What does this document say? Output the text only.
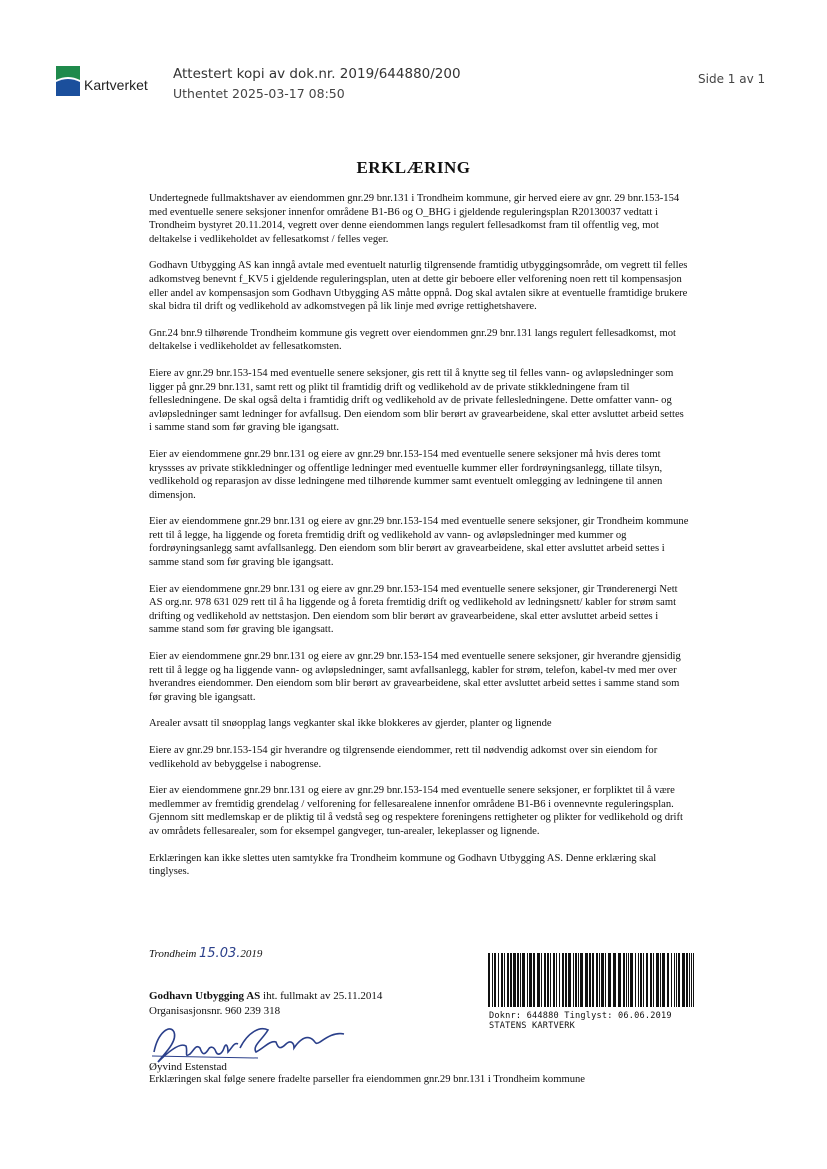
Kartverket
Attestert kopi av dok.nr. 2019/644880/200
Uthentet 2025-03-17 08:50
Side 1 av 1
ERKLÆRING

Undertegnede fullmaktshaver av eiendommen gnr.29 bnr.131 i Trondheim kommune, gir herved eiere av gnr. 29 bnr.153-154 med eventuelle senere seksjoner innenfor områdene B1-B6 og O_BHG i gjeldende reguleringsplan R20130037 vedtatt i Trondheim bystyret 20.11.2014, vegrett over denne eiendommen langs regulert fellesadkomst fram til offentlig veg, mot deltakelse i vedlikeholdet av fellesatkomst / felles veger.

Godhavn Utbygging AS kan inngå avtale med eventuelt naturlig tilgrensende framtidig utbyggingsområde, om vegrett til felles adkomstveg benevnt f_KV5 i gjeldende reguleringsplan, uten at dette gir beboere eller velforening noen rett til kompensasjon eller andel av kompensasjon som Godhavn Utbygging AS måtte oppnå. Dog skal avtalen sikre at eventuelle framtidige brukere skal bidra til drift og vedlikehold av adkomstvegen på lik linje med øvrige rettighetshavere.

Gnr.24 bnr.9 tilhørende Trondheim kommune gis vegrett over eiendommen gnr.29 bnr.131 langs regulert fellesadkomst, mot deltakelse i vedlikeholdet av fellesatkomsten.

Eiere av gnr.29 bnr.153-154 med eventuelle senere seksjoner, gis rett til å knytte seg til felles vann- og avløpsledninger som ligger på gnr.29 bnr.131, samt rett og plikt til framtidig drift og vedlikehold av de private stikkledningene fram til fellesledningene. De skal også delta i framtidig drift og vedlikehold av de private fellesledningene. Dette omfatter vann- og avløpsledninger samt ledninger for avfallsug. Den eiendom som blir berørt av gravearbeidene, skal etter avsluttet arbeid settes i samme stand som før graving ble igangsatt.

Eier av eiendommene gnr.29 bnr.131 og eiere av gnr.29 bnr.153-154 med eventuelle senere seksjoner må hvis deres tomt kryssses av private stikkledninger og offentlige ledninger med eventuelle kummer eller fordrøyningsanlegg, tillate tilsyn, vedlikehold og reparasjon av disse ledningene med tilhørende kummer samt eventuelt omlegging av ledningene til annen dimensjon.

Eier av eiendommene gnr.29 bnr.131 og eiere av gnr.29 bnr.153-154 med eventuelle senere seksjoner, gir Trondheim kommune rett til å legge, ha liggende og foreta fremtidig drift og vedlikehold av vann- og avløpsledninger med kummer og fordrøyningsanlegg samt avfallsanlegg. Den eiendom som blir berørt av gravearbeidene, skal etter avsluttet arbeid settes i samme stand som før graving ble igangsatt.

Eier av eiendommene gnr.29 bnr.131 og eiere av gnr.29 bnr.153-154 med eventuelle senere seksjoner, gir Trønderenergi Nett AS org.nr. 978 631 029 rett til å ha liggende og å foreta fremtidig drift og vedlikehold av ledningsnett/ kabler for strøm samt drifting og vedlikehold av nettstasjon. Den eiendom som blir berørt av gravearbeidene, skal etter avsluttet arbeid settes i samme stand som før graving ble igangsatt.

Eier av eiendommene gnr.29 bnr.131 og eiere av gnr.29 bnr.153-154 med eventuelle senere seksjoner, gir hverandre gjensidig rett til å legge og ha liggende vann- og avløpsledninger, samt avfallsanlegg, kabler for strøm, telefon, kabel-tv med mer over hverandres eiendommer. Den eiendom som blir berørt av gravearbeidene, skal etter avsluttet arbeid settes i samme stand som før graving ble igangsatt.

Arealer avsatt til snøopplag langs vegkanter skal ikke blokkeres av gjerder, planter og lignende

Eiere av gnr.29 bnr.153-154 gir hverandre og tilgrensende eiendommer, rett til nødvendig adkomst over sin eiendom for vedlikehold av bebyggelse i nabogrense.

Eier av eiendommene gnr.29 bnr.131 og eiere av gnr.29 bnr.153-154 med eventuelle senere seksjoner, er forpliktet til å være medlemmer av fremtidig grendelag / velforening for fellesarealene innenfor områdene B1-B6 i ovennevnte reguleringsplan. Gjennom sitt medlemskap er de pliktig til å vedstå seg og respektere foreningens rettigheter og plikter for vedlikehold og drift av områdets fellesarealer, som for eksempel gangveger, tun-arealer, lekeplasser og lignende.

Erklæringen kan ikke slettes uten samtykke fra Trondheim kommune og Godhavn Utbygging AS. Denne erklæring skal tinglyses.

Trondheim 15.03.2019
Doknr: 644880 Tinglyst: 06.06.2019
STATENS KARTVERK
Godhavn Utbygging AS iht. fullmakt av 25.11.2014
Organisasjonsnr. 960 239 318
Øyvind Estenstad
Erklæringen skal følge senere fradelte parseller fra eiendommen gnr.29 bnr.131 i Trondheim kommune
